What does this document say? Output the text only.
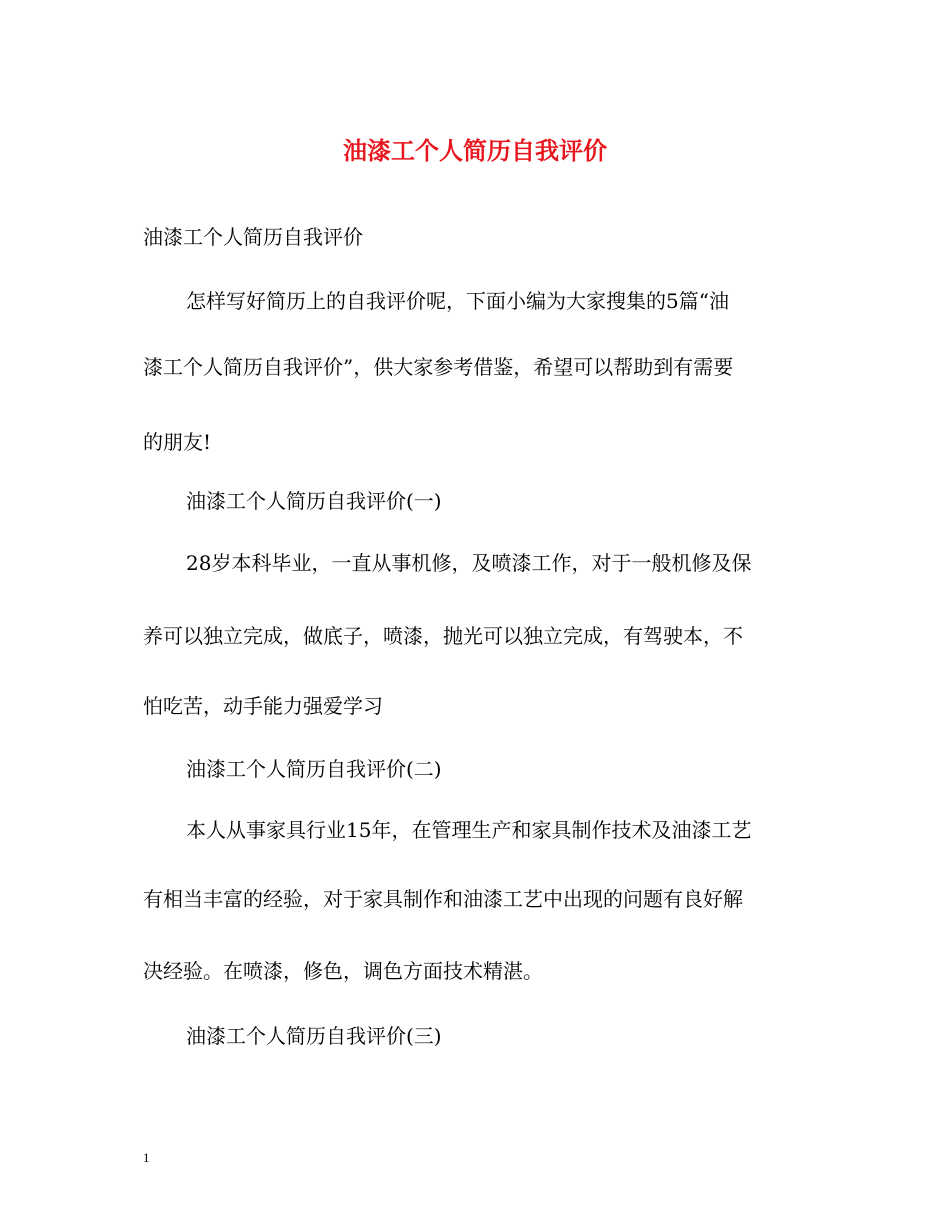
油漆工个人简历自我评价
油漆工个人简历自我评价
怎样写好简历上的自我评价呢，下面小编为大家搜集的5篇“油
漆工个人简历自我评价”，供大家参考借鉴，希望可以帮助到有需要
的朋友!
油漆工个人简历自我评价(一)
28岁本科毕业，一直从事机修，及喷漆工作，对于一般机修及保
养可以独立完成，做底子，喷漆，抛光可以独立完成，有驾驶本，不
怕吃苦，动手能力强爱学习
油漆工个人简历自我评价(二)
本人从事家具行业15年，在管理生产和家具制作技术及油漆工艺
有相当丰富的经验，对于家具制作和油漆工艺中出现的问题有良好解
决经验。在喷漆，修色，调色方面技术精湛。
油漆工个人简历自我评价(三)
1
